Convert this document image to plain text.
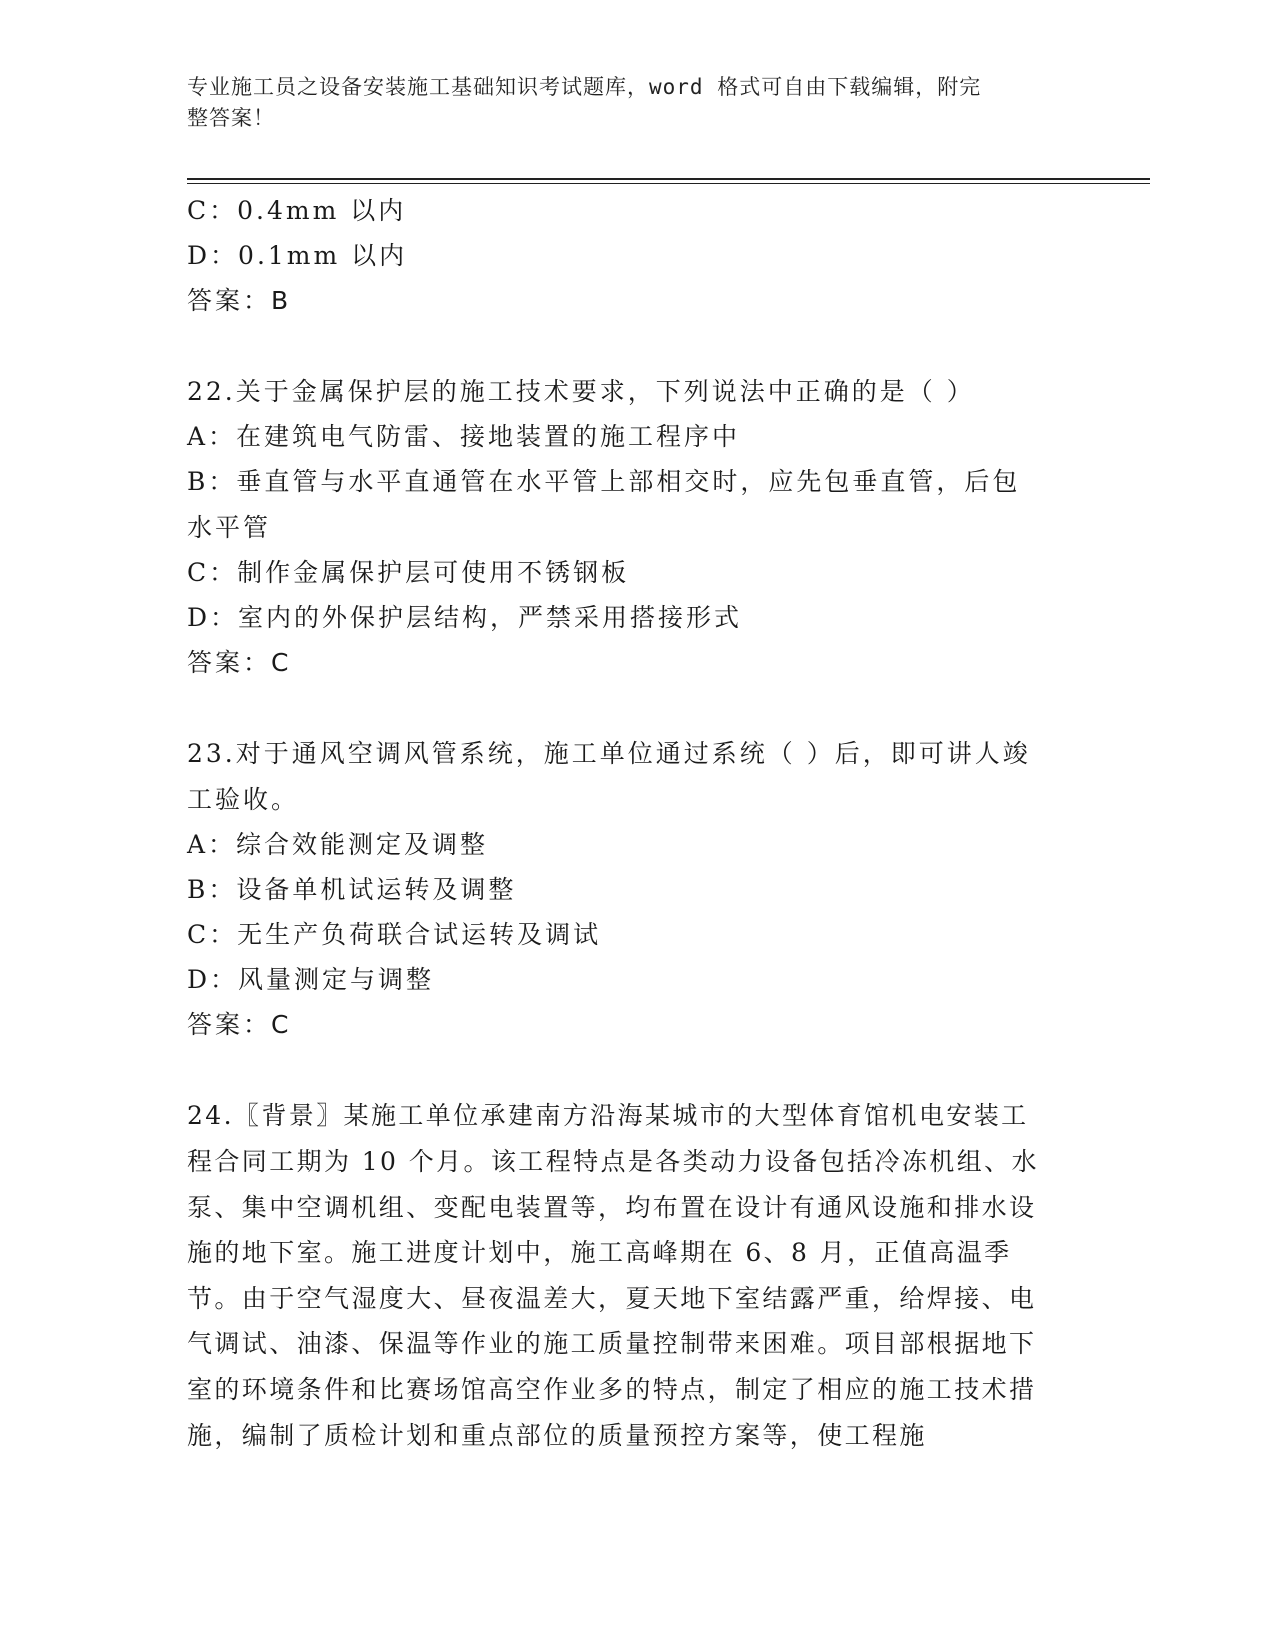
专业施工员之设备安装施工基础知识考试题库，word 格式可自由下载编辑，附完
整答案！
C：0.4mm 以内
D：0.1mm 以内
答案：B
22.关于金属保护层的施工技术要求，下列说法中正确的是（ ）
A：在建筑电气防雷、接地装置的施工程序中
B：垂直管与水平直通管在水平管上部相交时，应先包垂直管，后包水平管
C：制作金属保护层可使用不锈钢板
D：室内的外保护层结构，严禁采用搭接形式
答案：C
23.对于通风空调风管系统，施工单位通过系统（ ）后，即可讲人竣工验收。
A：综合效能测定及调整
B：设备单机试运转及调整
C：无生产负荷联合试运转及调试
D：风量测定与调整
答案：C
24.〖背景〗某施工单位承建南方沿海某城市的大型体育馆机电安装工程合同工期为 10 个月。该工程特点是各类动力设备包括冷冻机组、水泵、集中空调机组、变配电装置等，均布置在设计有通风设施和排水设施的地下室。施工进度计划中，施工高峰期在 6、8 月，正值高温季节。由于空气湿度大、昼夜温差大，夏天地下室结露严重，给焊接、电气调试、油漆、保温等作业的施工质量控制带来困难。项目部根据地下室的环境条件和比赛场馆高空作业多的特点，制定了相应的施工技术措施，编制了质检计划和重点部位的质量预控方案等，使工程施
